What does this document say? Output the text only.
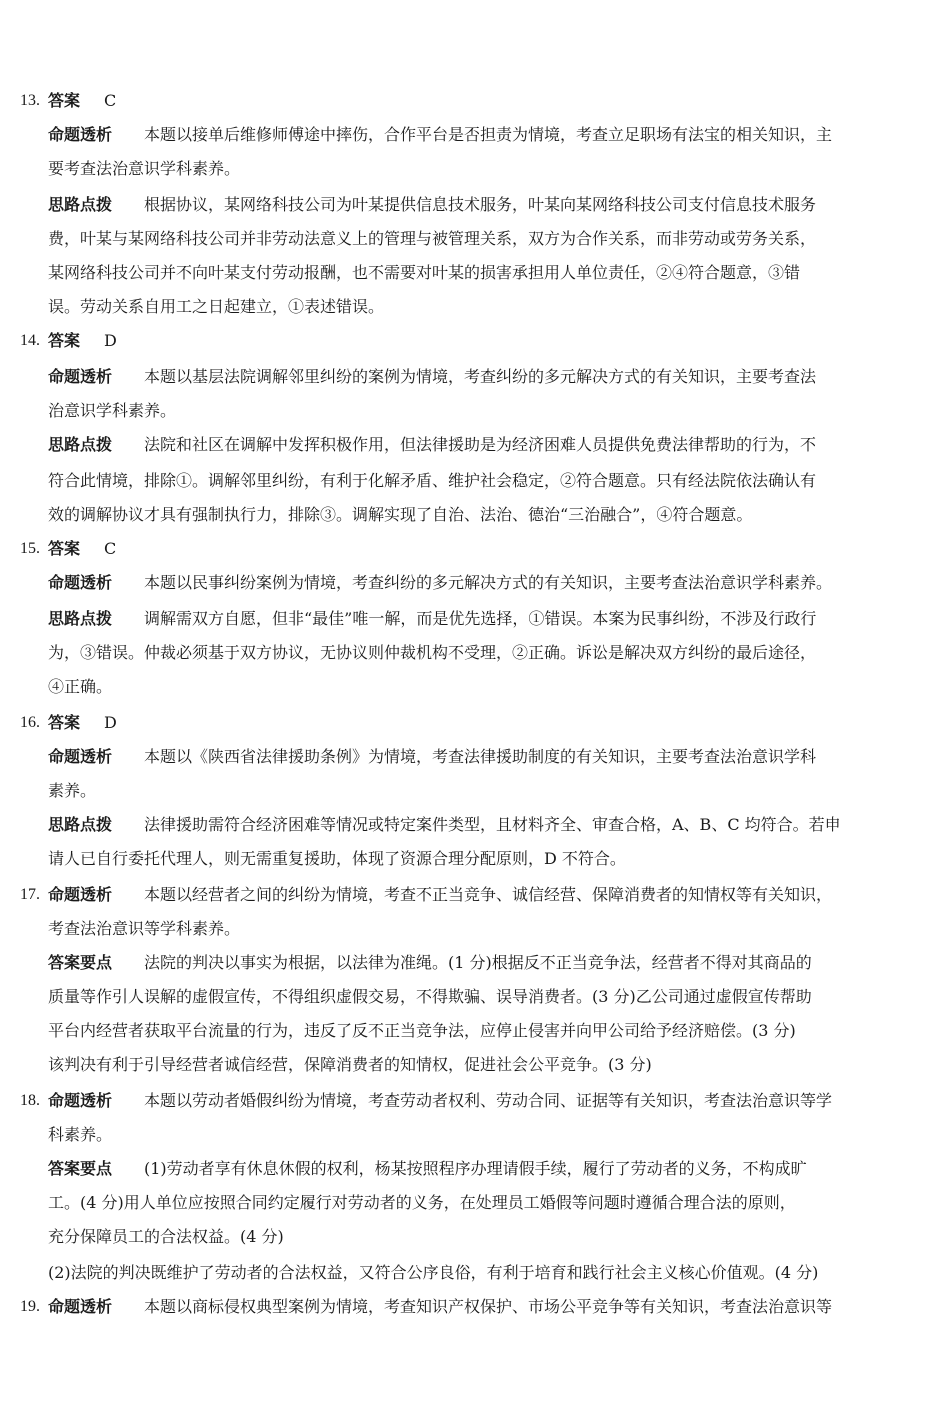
13. 答案 C
命题透析 本题以接单后维修师傅途中摔伤，合作平台是否担责为情境，考查立足职场有法宝的相关知识，主
要考查法治意识学科素养。
思路点拨 根据协议，某网络科技公司为叶某提供信息技术服务，叶某向某网络科技公司支付信息技术服务
费，叶某与某网络科技公司并非劳动法意义上的管理与被管理关系，双方为合作关系，而非劳动或劳务关系，
某网络科技公司并不向叶某支付劳动报酬，也不需要对叶某的损害承担用人单位责任，②④符合题意，③错
误。劳动关系自用工之日起建立，①表述错误。
14. 答案 D
命题透析 本题以基层法院调解邻里纠纷的案例为情境，考查纠纷的多元解决方式的有关知识，主要考查法
治意识学科素养。
思路点拨 法院和社区在调解中发挥积极作用，但法律援助是为经济困难人员提供免费法律帮助的行为，不
符合此情境，排除①。调解邻里纠纷，有利于化解矛盾、维护社会稳定，②符合题意。只有经法院依法确认有
效的调解协议才具有强制执行力，排除③。调解实现了自治、法治、德治“三治融合”，④符合题意。
15. 答案 C
命题透析 本题以民事纠纷案例为情境，考查纠纷的多元解决方式的有关知识，主要考查法治意识学科素养。
思路点拨 调解需双方自愿，但非“最佳”唯一解，而是优先选择，①错误。本案为民事纠纷，不涉及行政行
为，③错误。仲裁必须基于双方协议，无协议则仲裁机构不受理，②正确。诉讼是解决双方纠纷的最后途径，
④正确。
16. 答案 D
命题透析 本题以《陕西省法律援助条例》为情境，考查法律援助制度的有关知识，主要考查法治意识学科
素养。
思路点拨 法律援助需符合经济困难等情况或特定案件类型，且材料齐全、审查合格，A、B、C 均符合。若申
请人已自行委托代理人，则无需重复援助，体现了资源合理分配原则，D 不符合。
17. 命题透析 本题以经营者之间的纠纷为情境，考查不正当竞争、诚信经营、保障消费者的知情权等有关知识，
考查法治意识等学科素养。
答案要点 法院的判决以事实为根据，以法律为准绳。(1 分)根据反不正当竞争法，经营者不得对其商品的
质量等作引人误解的虚假宣传，不得组织虚假交易，不得欺骗、误导消费者。(3 分)乙公司通过虚假宣传帮助
平台内经营者获取平台流量的行为，违反了反不正当竞争法，应停止侵害并向甲公司给予经济赔偿。(3 分)
该判决有利于引导经营者诚信经营，保障消费者的知情权，促进社会公平竞争。(3 分)
18. 命题透析 本题以劳动者婚假纠纷为情境，考查劳动者权利、劳动合同、证据等有关知识，考查法治意识等学
科素养。
答案要点 (1)劳动者享有休息休假的权利，杨某按照程序办理请假手续，履行了劳动者的义务，不构成旷
工。(4 分)用人单位应按照合同约定履行对劳动者的义务，在处理员工婚假等问题时遵循合理合法的原则，
充分保障员工的合法权益。(4 分)
(2)法院的判决既维护了劳动者的合法权益，又符合公序良俗，有利于培育和践行社会主义核心价值观。(4 分)
19. 命题透析 本题以商标侵权典型案例为情境，考查知识产权保护、市场公平竞争等有关知识，考查法治意识等
